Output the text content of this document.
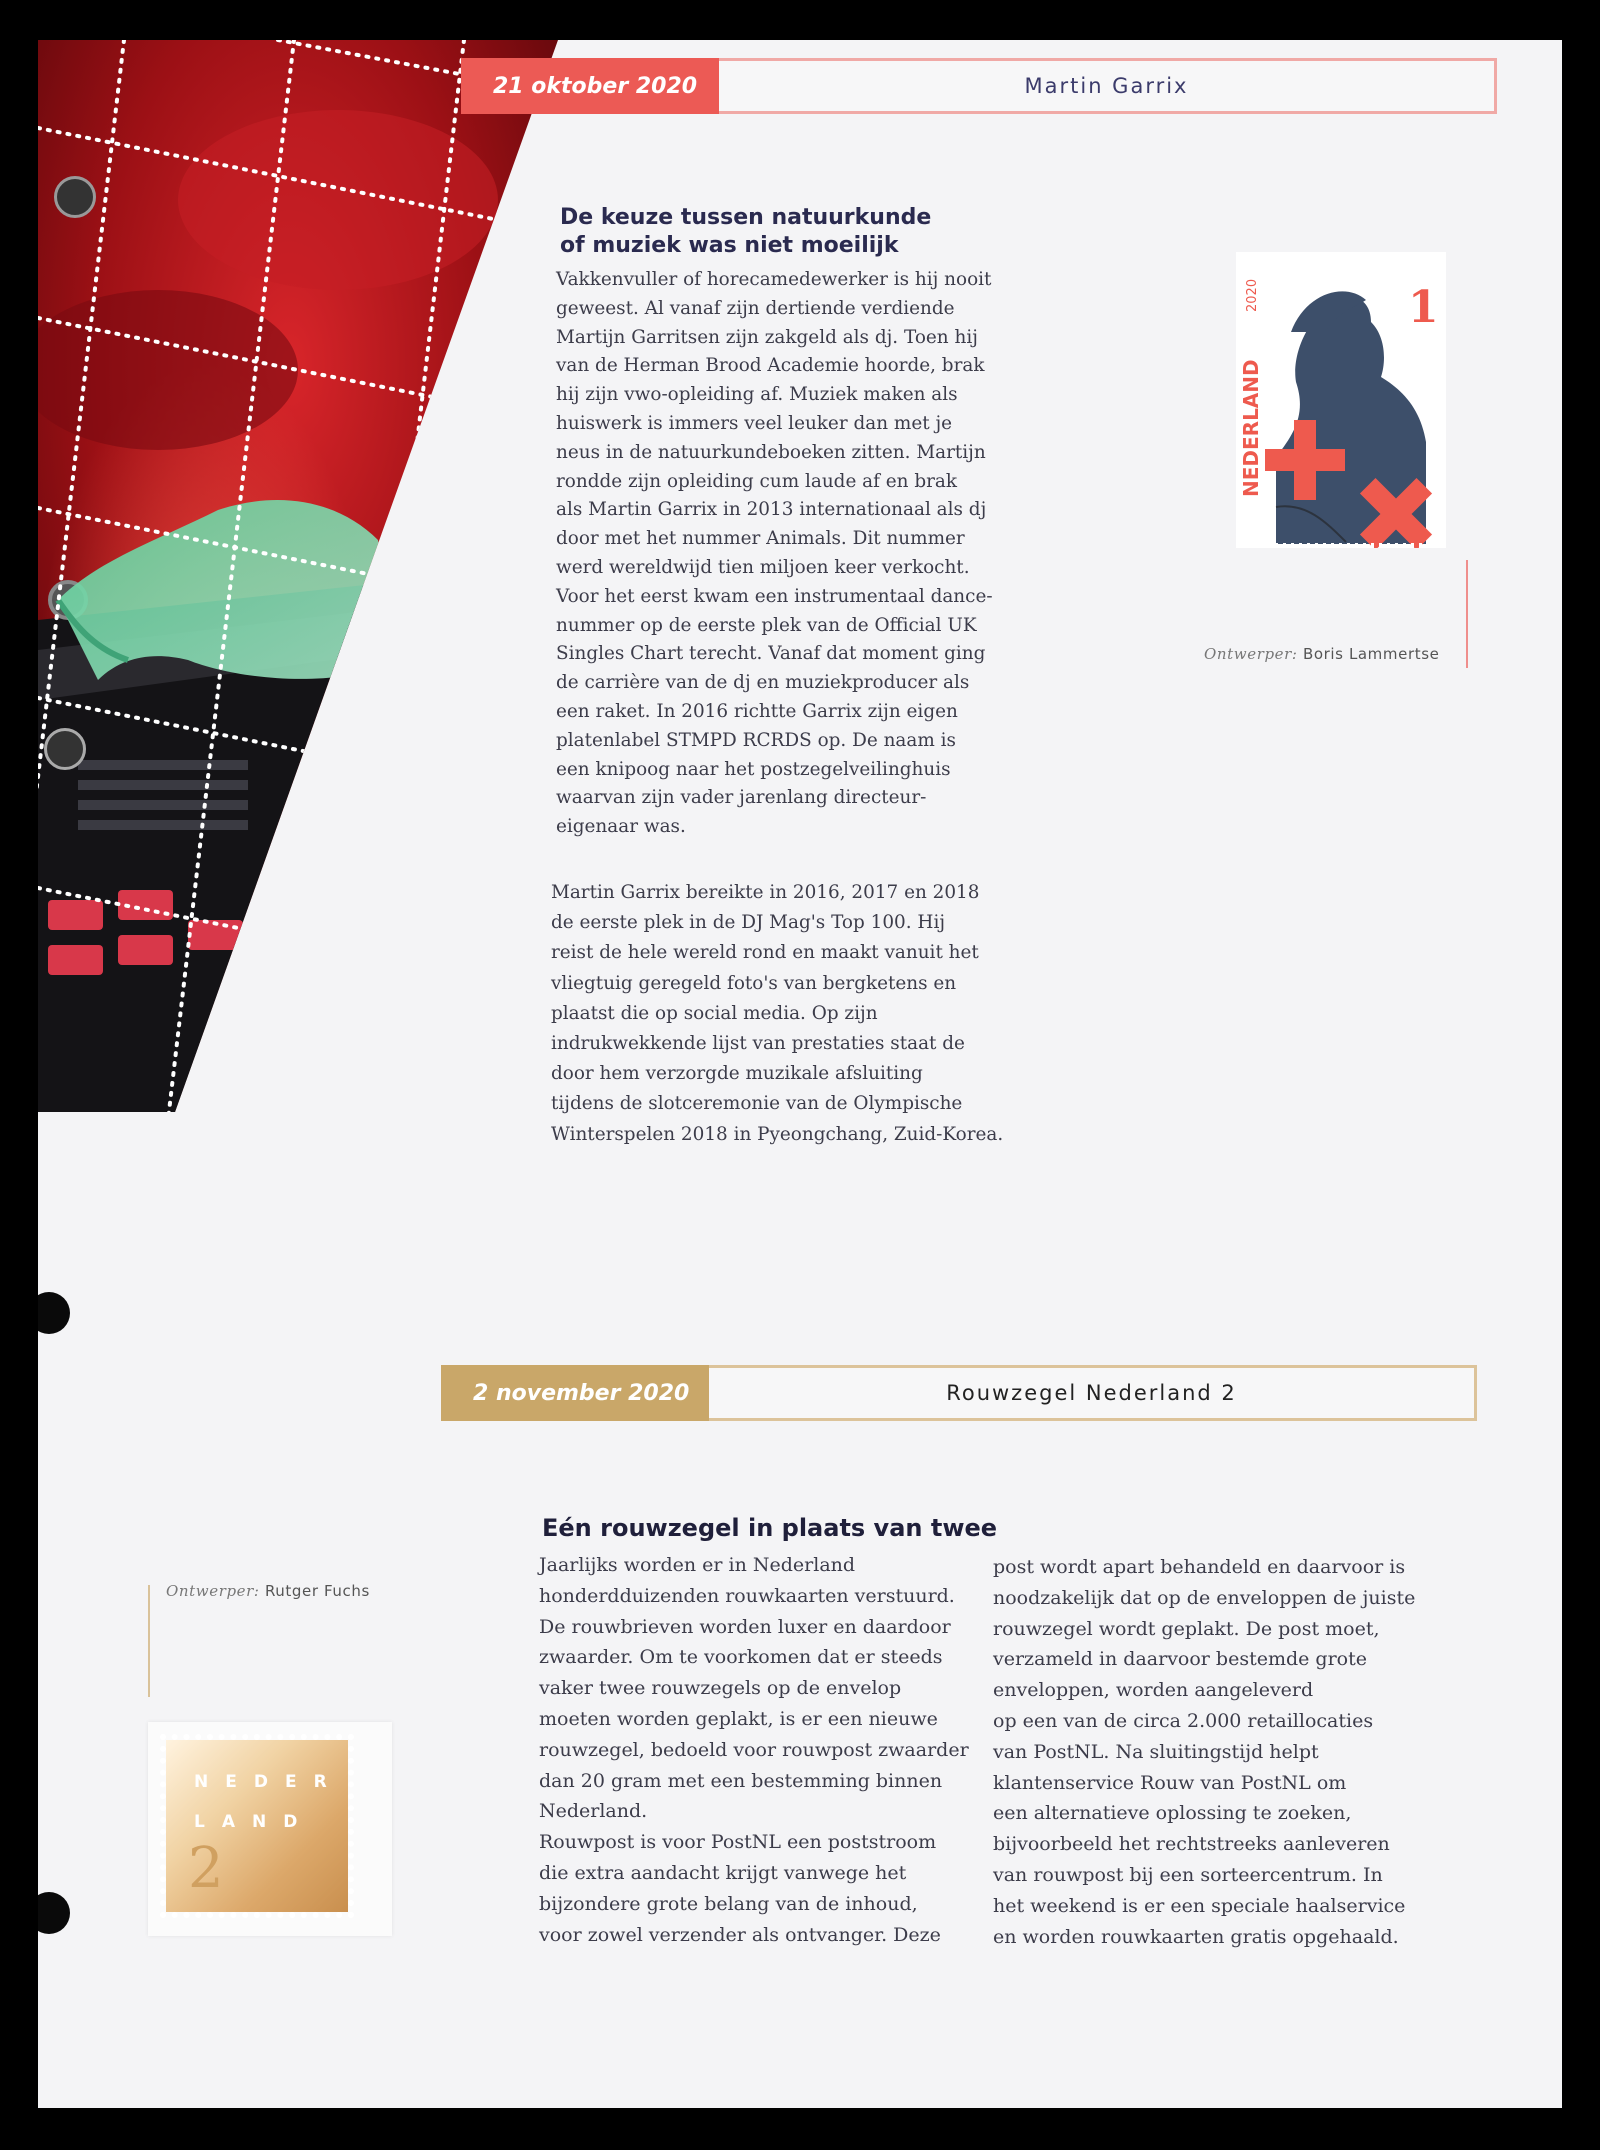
21 oktober 2020	Martin Garrix
De keuze tussen natuurkunde
of muziek was niet moeilijk

Vakkenvuller of horecamedewerker is hij nooit
geweest. Al vanaf zijn dertiende verdiende
Martijn Garritsen zijn zakgeld als dj. Toen hij
van de Herman Brood Academie hoorde, brak
hij zijn vwo-opleiding af. Muziek maken als
huiswerk is immers veel leuker dan met je
neus in de natuurkundeboeken zitten. Martijn
rondde zijn opleiding cum laude af en brak
als Martin Garrix in 2013 internationaal als dj
door met het nummer Animals. Dit nummer
werd wereldwijd tien miljoen keer verkocht.
Voor het eerst kwam een instrumentaal dance-
nummer op de eerste plek van de Official UK
Singles Chart terecht. Vanaf dat moment ging
de carrière van de dj en muziekproducer als
een raket. In 2016 richtte Garrix zijn eigen
platenlabel STMPD RCRDS op. De naam is
een knipoog naar het postzegelveilinghuis
waarvan zijn vader jarenlang directeur-
eigenaar was.

Martin Garrix bereikte in 2016, 2017 en 2018
de eerste plek in de DJ Mag's Top 100. Hij
reist de hele wereld rond en maakt vanuit het
vliegtuig geregeld foto's van bergketens en
plaatst die op social media. Op zijn
indrukwekkende lijst van prestaties staat de
door hem verzorgde muzikale afsluiting
tijdens de slotceremonie van de Olympische
Winterspelen 2018 in Pyeongchang, Zuid-Korea.

NEDERLAND
2020	1
Ontwerper: Boris Lammertse
2 november 2020	Rouwzegel Nederland 2
Ontwerper: Rutger Fuchs
Eén rouwzegel in plaats van twee

Jaarlijks worden er in Nederland
honderdduizenden rouwkaarten verstuurd.
De rouwbrieven worden luxer en daardoor
zwaarder. Om te voorkomen dat er steeds
vaker twee rouwzegels op de envelop
moeten worden geplakt, is er een nieuwe
rouwzegel, bedoeld voor rouwpost zwaarder
dan 20 gram met een bestemming binnen
Nederland.
Rouwpost is voor PostNL een poststroom
die extra aandacht krijgt vanwege het
bijzondere grote belang van de inhoud,
voor zowel verzender als ontvanger. Deze

post wordt apart behandeld en daarvoor is
noodzakelijk dat op de enveloppen de juiste
rouwzegel wordt geplakt. De post moet,
verzameld in daarvoor bestemde grote
enveloppen, worden aangeleverd
op een van de circa 2.000 retaillocaties
van PostNL. Na sluitingstijd helpt
klantenservice Rouw van PostNL om
een alternatieve oplossing te zoeken,
bijvoorbeeld het rechtstreeks aanleveren
van rouwpost bij een sorteercentrum. In
het weekend is er een speciale haalservice
en worden rouwkaarten gratis opgehaald.

NEDER
LAND
2
